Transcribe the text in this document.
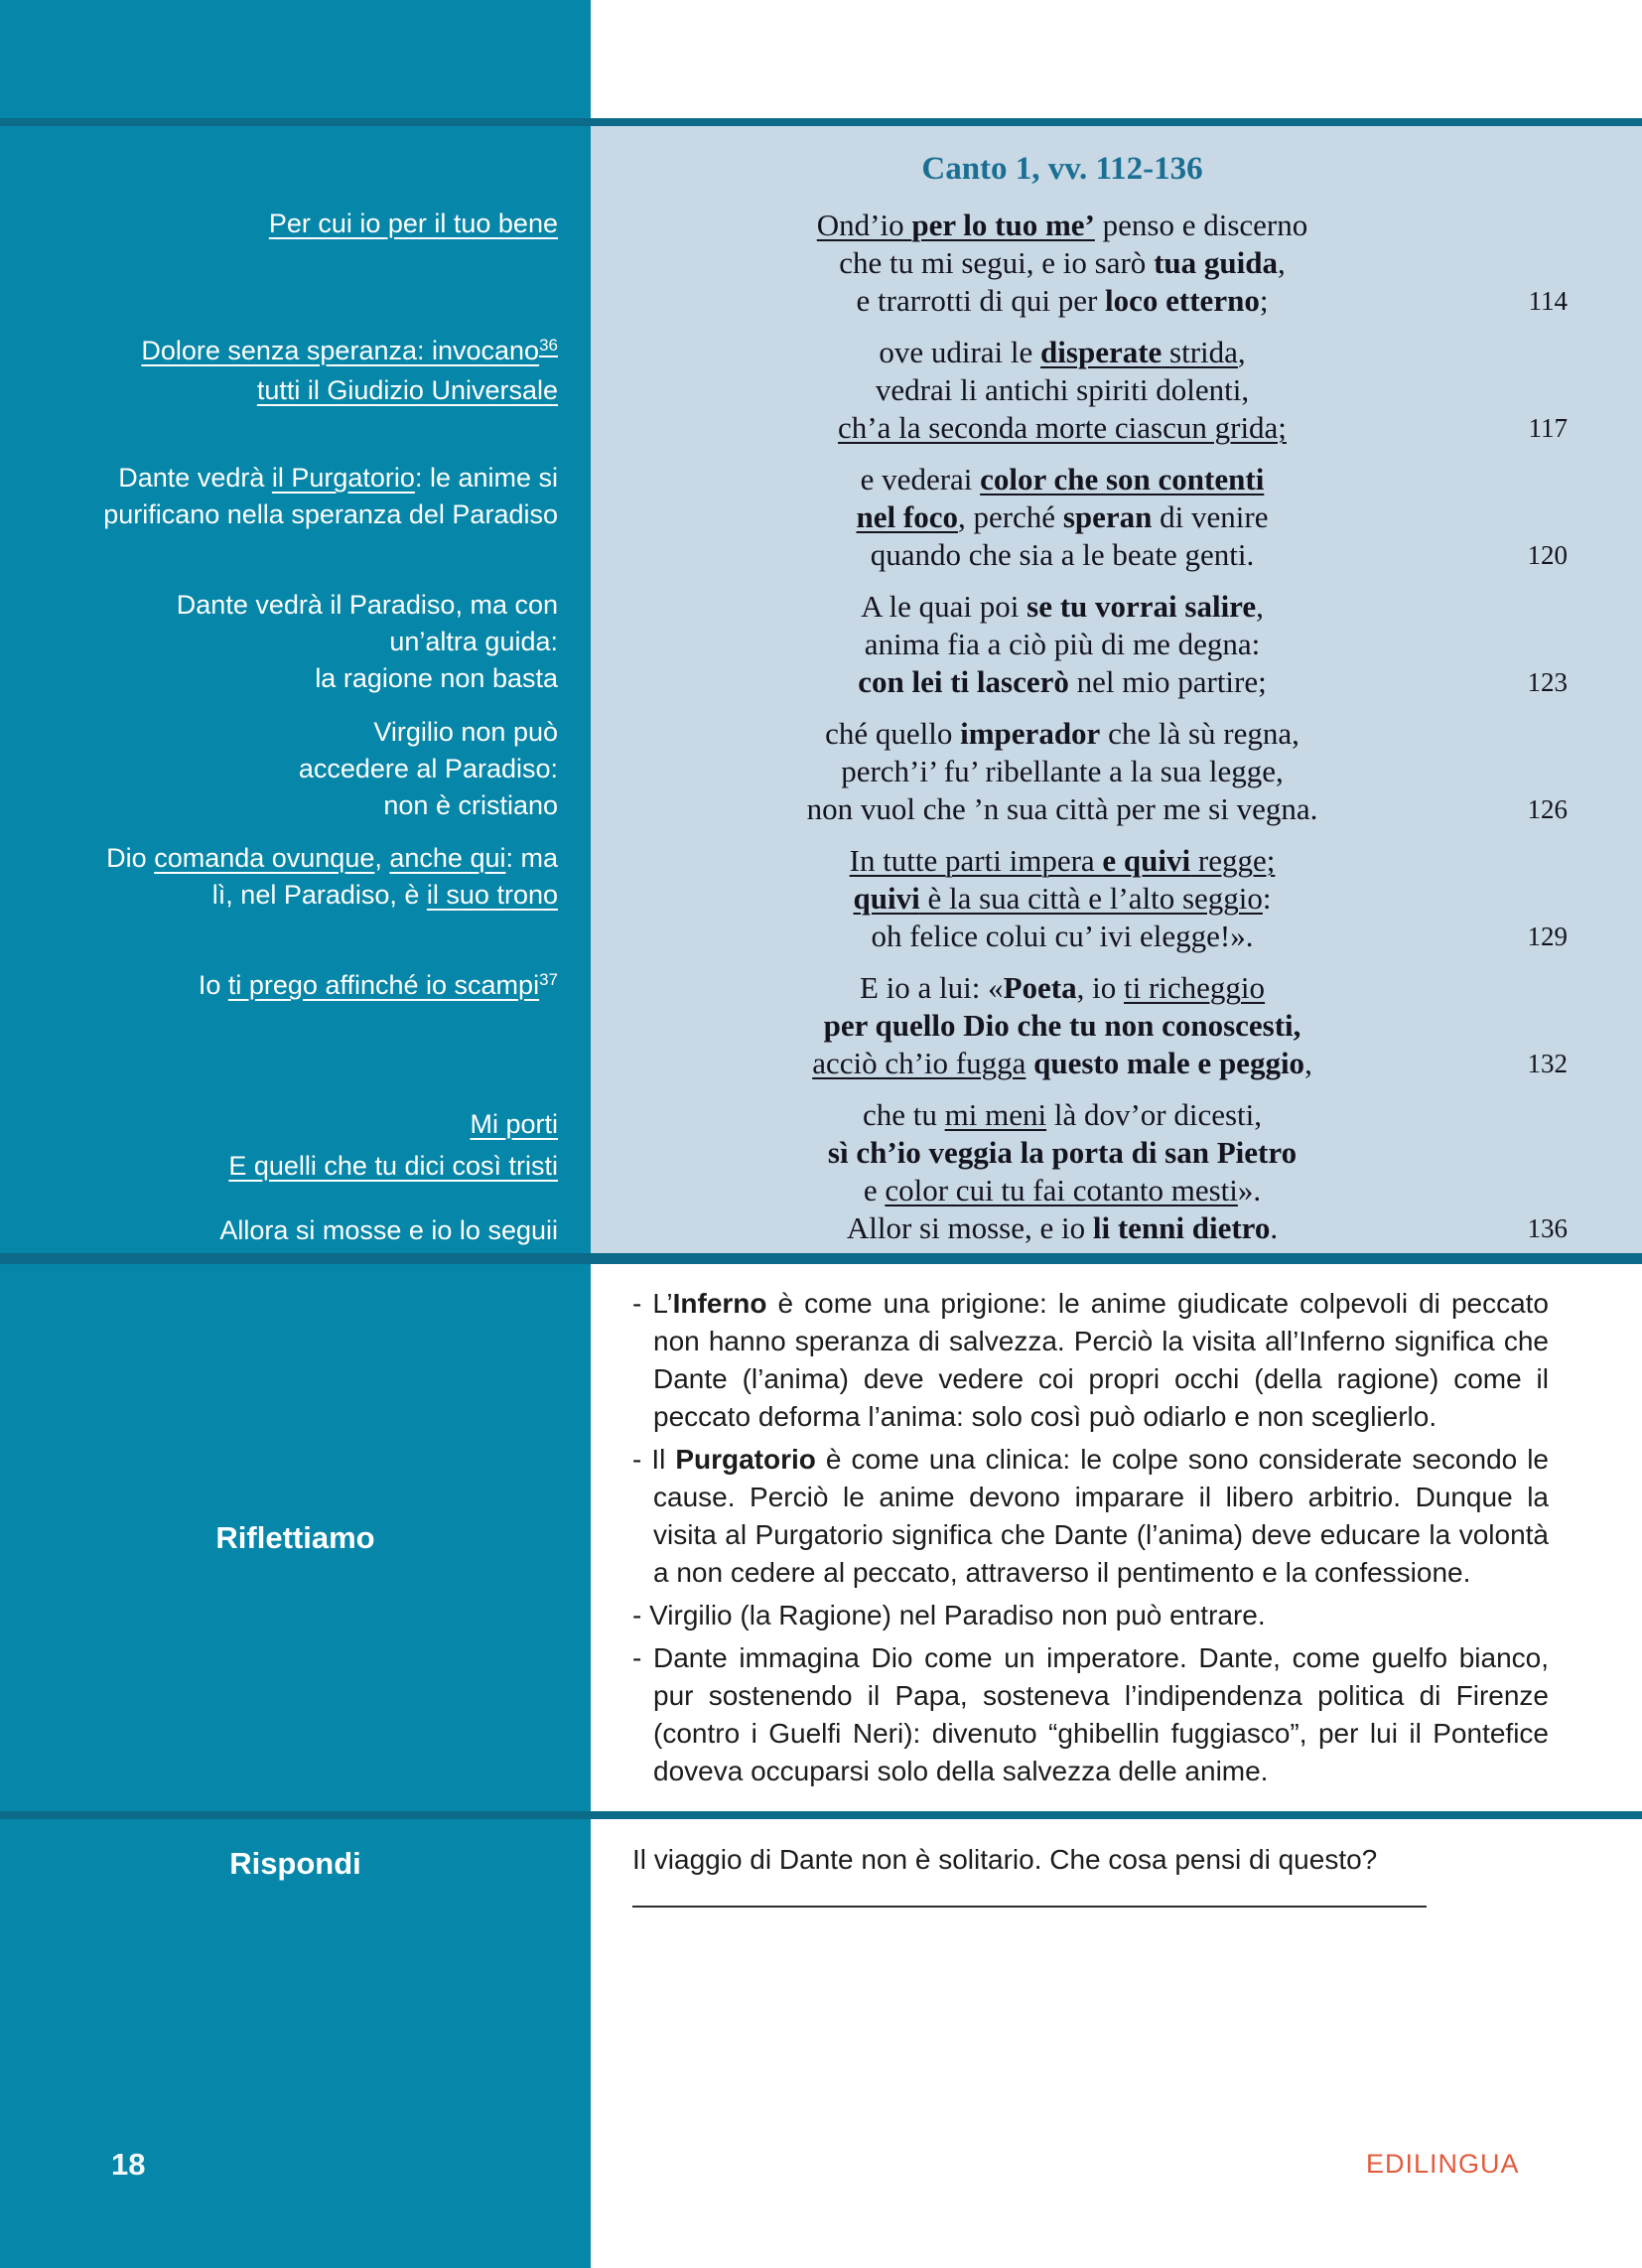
Per cui io per il tuo bene
Dolore senza speranza: invocano$^{36}$
tutti il Giudizio Universale
Dante vedrà il Purgatorio: le anime si
purificano nella speranza del Paradiso
Dante vedrà il Paradiso, ma con
un’altra guida:
la ragione non basta
Virgilio non può
accedere al Paradiso:
non è cristiano
Dio comanda ovunque, anche qui: ma
lì, nel Paradiso, è il suo trono
Io ti prego affinché io scampi$^{37}$
Mi porti
E quelli che tu dici così tristi
Allora si mosse e io lo seguii
Canto 1, vv. 112-136
Ond’io per lo tuo me’ penso e discerno
che tu mi segui, e io sarò tua guida,
e trarrotti di qui per loco etterno;	114
ove udirai le disperate strida,
vedrai li antichi spiriti dolenti,
ch’a la seconda morte ciascun grida;	117
e vederai color che son contenti
nel foco, perché speran di venire
quando che sia a le beate genti.	120
A le quai poi se tu vorrai salire,
anima fia a ciò più di me degna:
con lei ti lascerò nel mio partire;	123
ché quello imperador che là sù regna,
perch’i’ fu’ ribellante a la sua legge,
non vuol che ’n sua città per me si vegna.	126
In tutte parti impera e quivi regge;
quivi è la sua città e l’alto seggio:
oh felice colui cu’ ivi elegge!».	129
E io a lui: «Poeta, io ti richeggio
per quello Dio che tu non conoscesti,
acciò ch’io fugga questo male e peggio,	132
che tu mi meni là dov’or dicesti,
sì ch’io veggia la porta di san Pietro
e color cui tu fai cotanto mesti».
Allor si mosse, e io li tenni dietro.	136
Riflettiamo
- L’Inferno è come una prigione: le anime giudicate colpevoli di peccato non hanno speranza di salvezza. Perciò la visita all’Inferno significa che Dante (l’anima) deve vedere coi propri occhi (della ragione) come il peccato deforma l’anima: solo così può odiarlo e non sceglierlo.
- Il Purgatorio è come una clinica: le colpe sono considerate secondo le cause. Perciò le anime devono imparare il libero arbitrio. Dunque la visita al Purgatorio significa che Dante (l’anima) deve educare la volontà a non cedere al peccato, attraverso il pentimento e la confessione.
- Virgilio (la Ragione) nel Paradiso non può entrare.
- Dante immagina Dio come un imperatore. Dante, come guelfo bianco, pur sostenendo il Papa, sosteneva l’indipendenza politica di Firenze (contro i Guelfi Neri): divenuto “ghibellin fuggiasco”, per lui il Pontefice doveva occuparsi solo della salvezza delle anime.
Rispondi	Il viaggio di Dante non è solitario. Che cosa pensi di questo?
18	EDILINGUA
